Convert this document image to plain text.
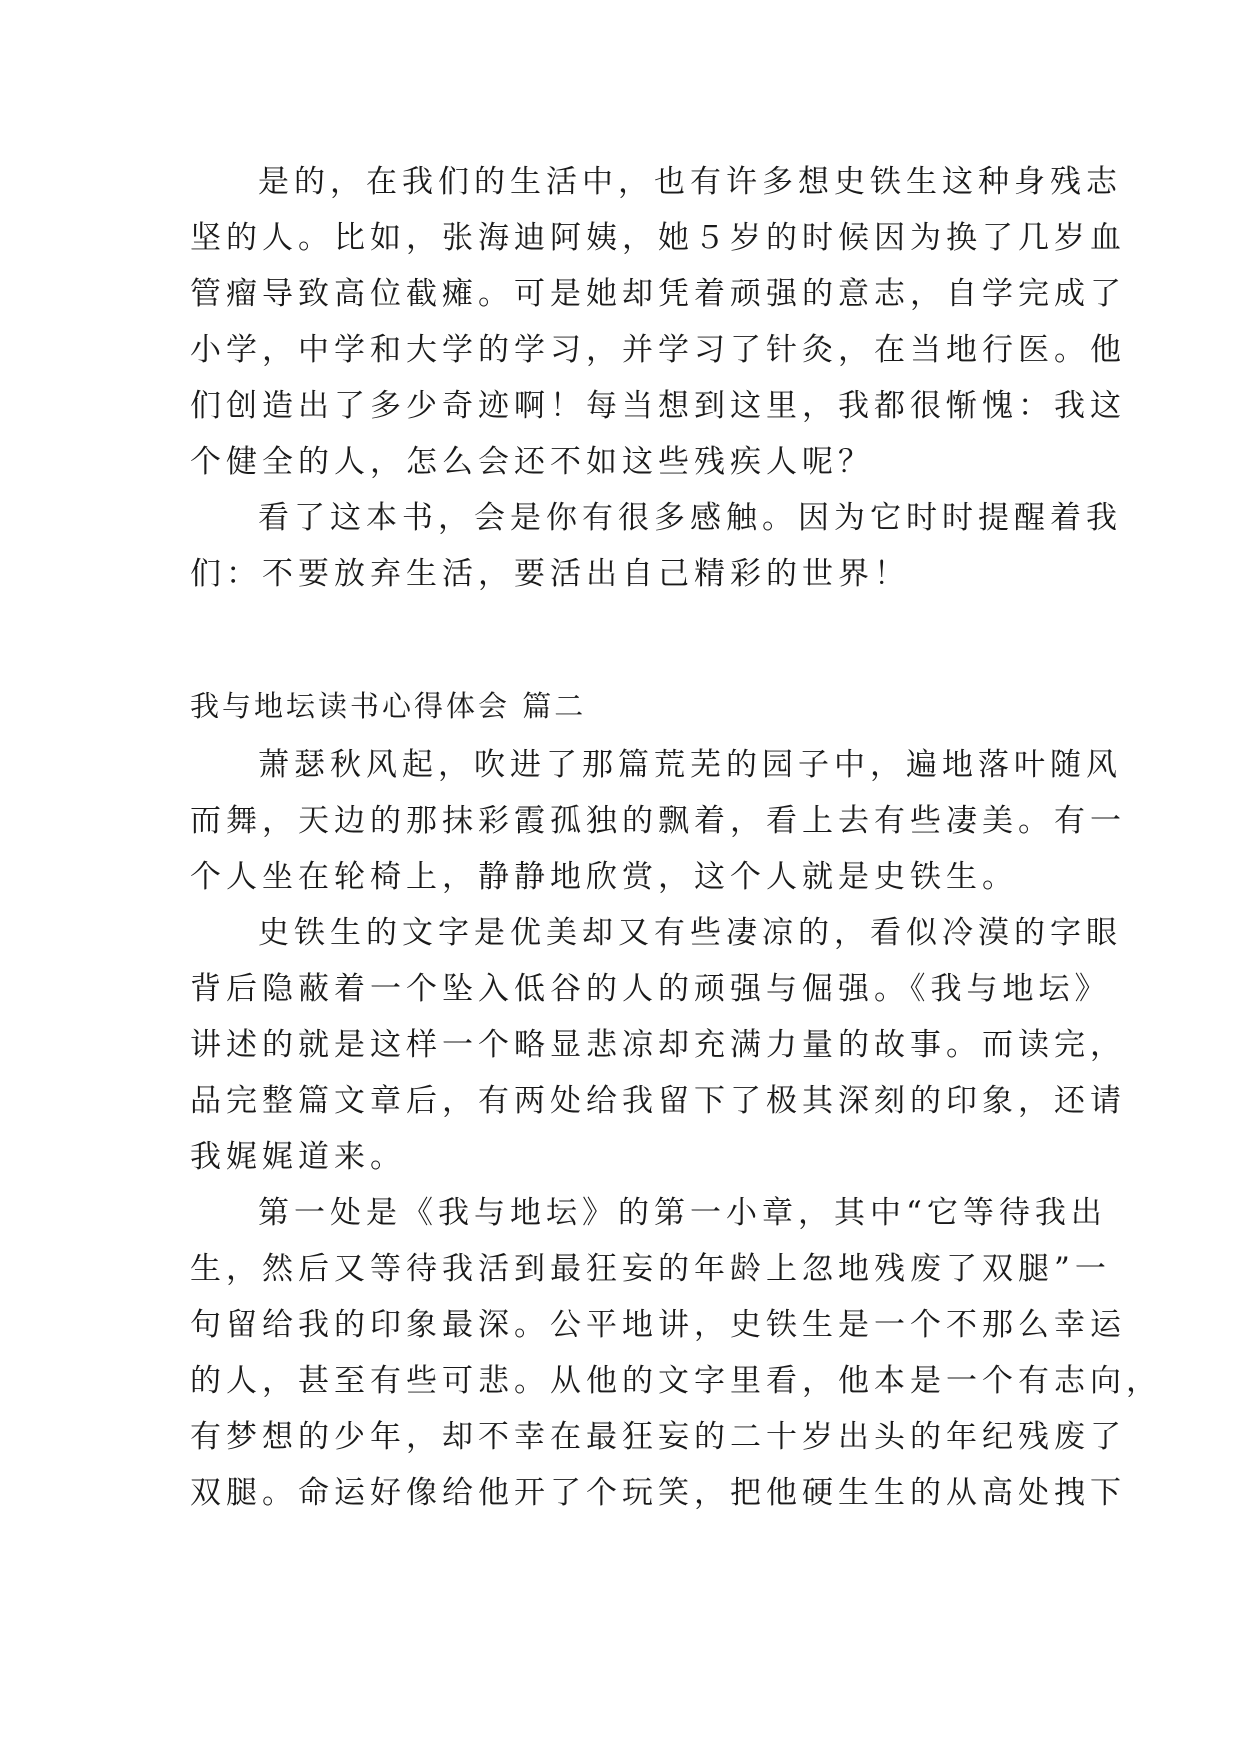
是的，在我们的生活中，也有许多想史铁生这种身残志
坚的人。比如，张海迪阿姨，她５岁的时候因为换了几岁血
管瘤导致高位截瘫。可是她却凭着顽强的意志，自学完成了
小学，中学和大学的学习，并学习了针灸，在当地行医。他
们创造出了多少奇迹啊！每当想到这里，我都很惭愧：我这
个健全的人，怎么会还不如这些残疾人呢？
看了这本书，会是你有很多感触。因为它时时提醒着我
们：不要放弃生活，要活出自己精彩的世界！
我与地坛读书心得体会 篇二
萧瑟秋风起，吹进了那篇荒芜的园子中，遍地落叶随风
而舞，天边的那抹彩霞孤独的飘着，看上去有些凄美。有一
个人坐在轮椅上，静静地欣赏，这个人就是史铁生。
史铁生的文字是优美却又有些凄凉的，看似冷漠的字眼
背后隐蔽着一个坠入低谷的人的顽强与倔强。《我与地坛》
讲述的就是这样一个略显悲凉却充满力量的故事。而读完，
品完整篇文章后，有两处给我留下了极其深刻的印象，还请
我娓娓道来。
第一处是《我与地坛》的第一小章，其中“它等待我出
生，然后又等待我活到最狂妄的年龄上忽地残废了双腿”一
句留给我的印象最深。公平地讲，史铁生是一个不那么幸运
的人，甚至有些可悲。从他的文字里看，他本是一个有志向，
有梦想的少年，却不幸在最狂妄的二十岁出头的年纪残废了
双腿。命运好像给他开了个玩笑，把他硬生生的从高处拽下
